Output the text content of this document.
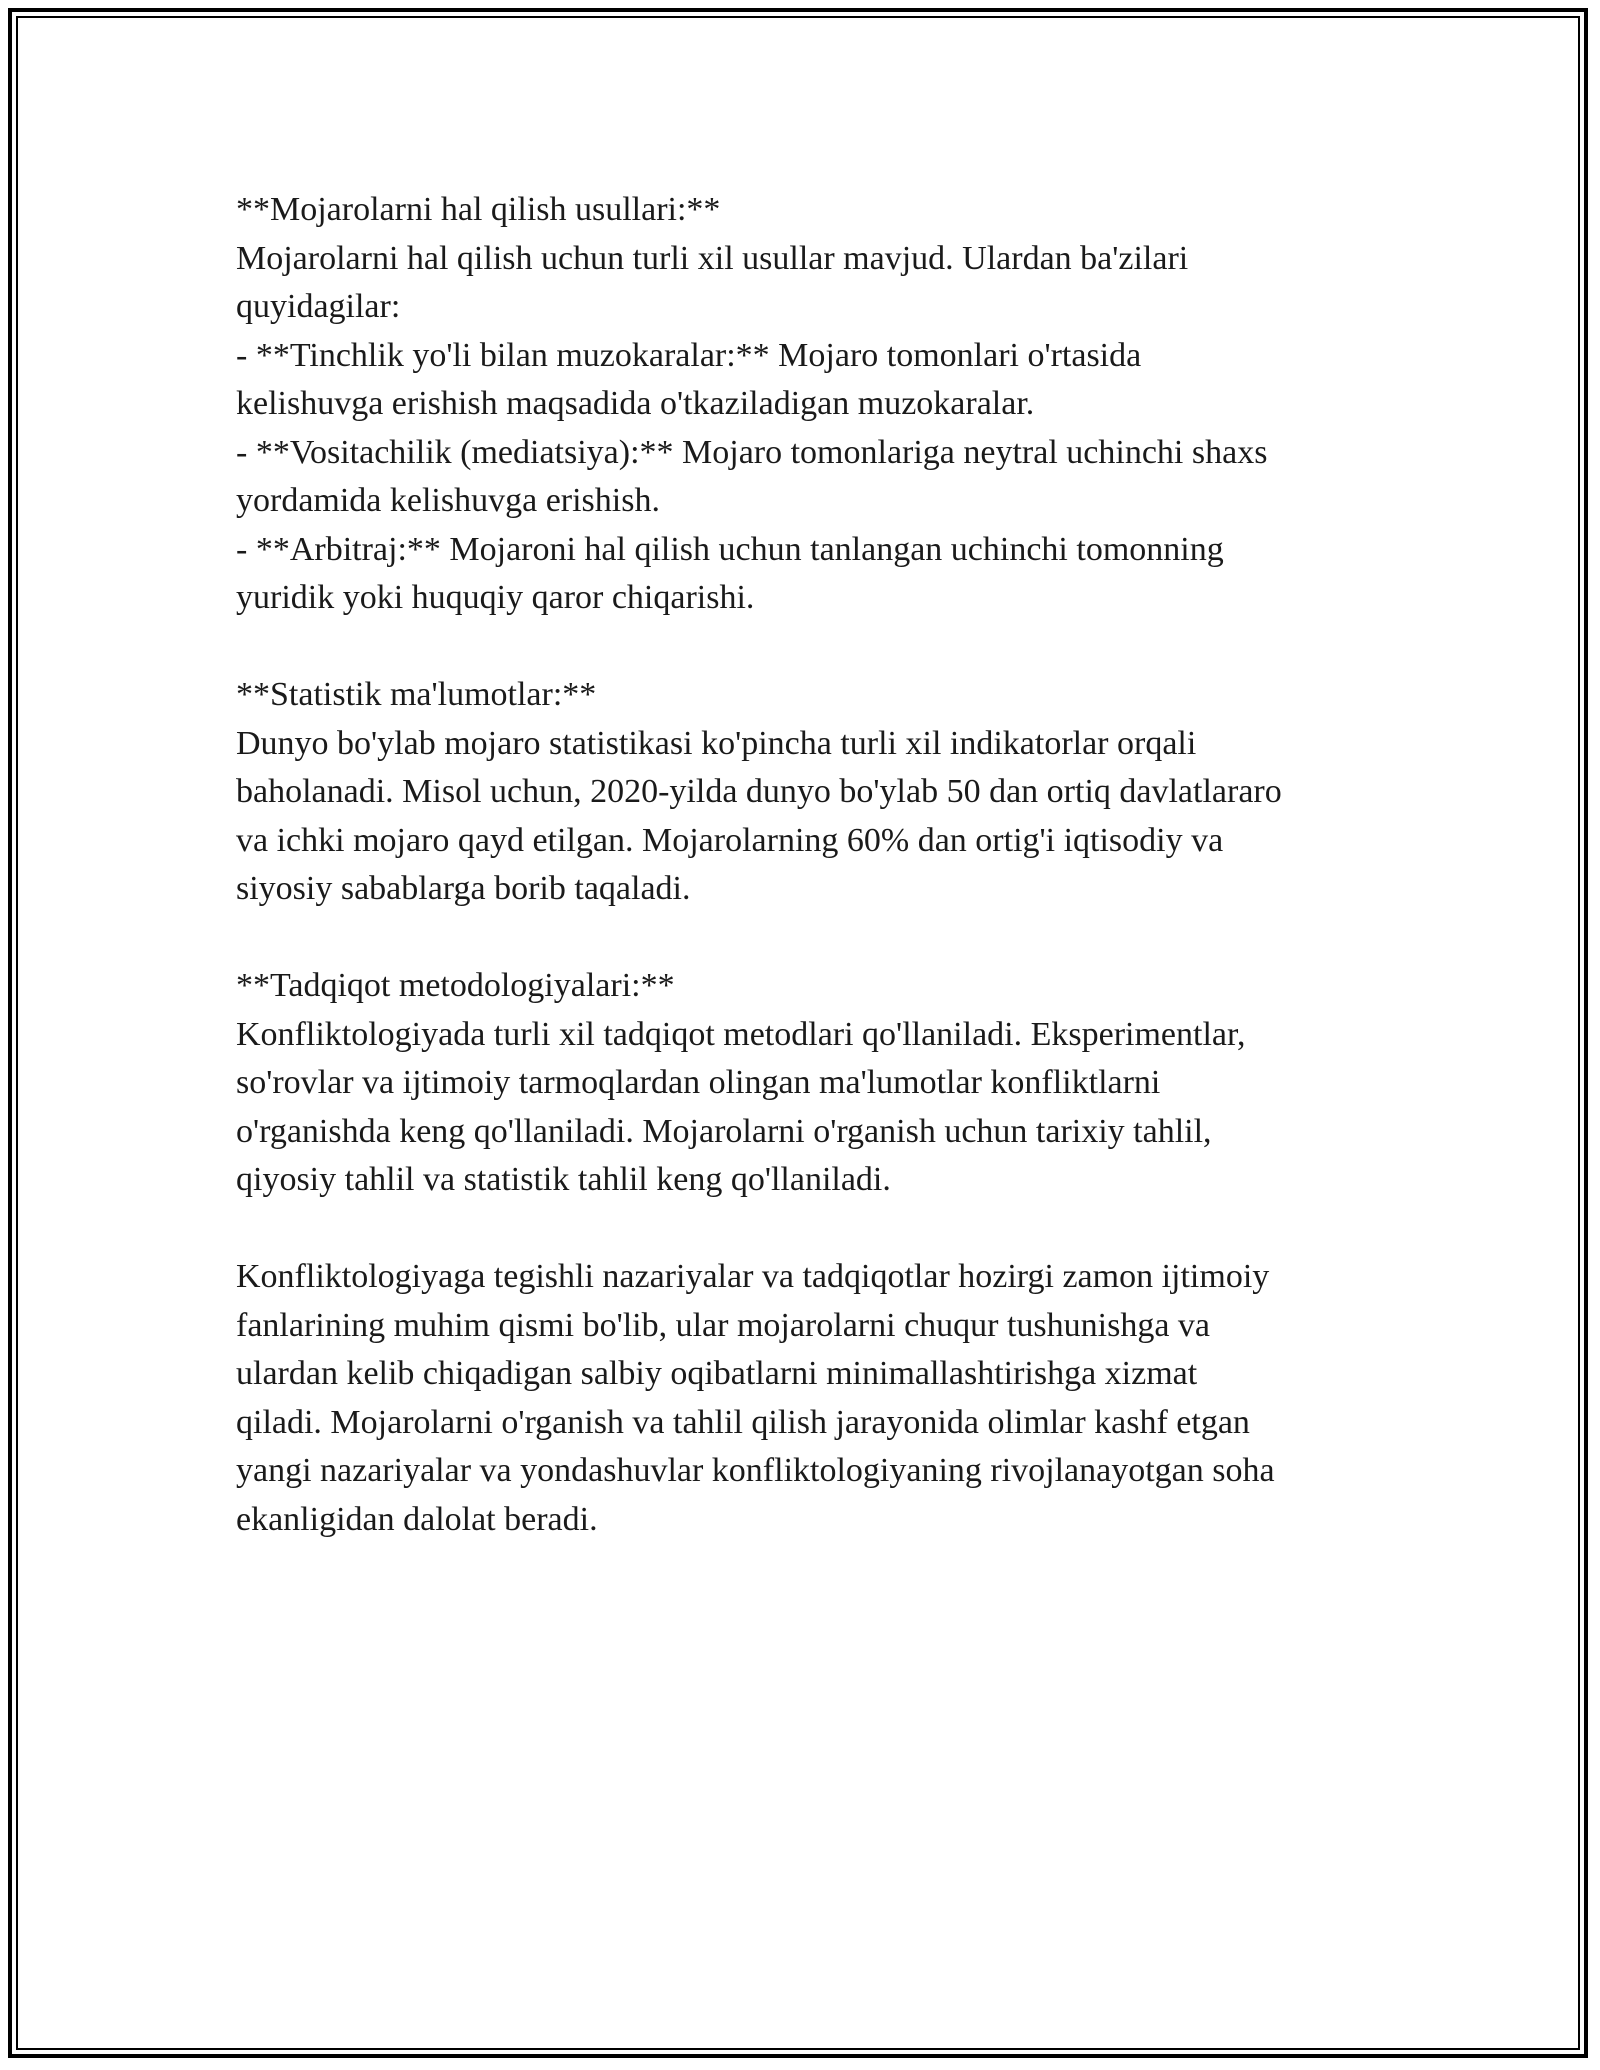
**Mojarolarni hal qilish usullari:**

Mojarolarni hal qilish uchun turli xil usullar mavjud. Ulardan ba'zilari

quyidagilar:

- **Tinchlik yo'li bilan muzokaralar:** Mojaro tomonlari o'rtasida

kelishuvga erishish maqsadida o'tkaziladigan muzokaralar.

- **Vositachilik (mediatsiya):** Mojaro tomonlariga neytral uchinchi shaxs

yordamida kelishuvga erishish.

- **Arbitraj:** Mojaroni hal qilish uchun tanlangan uchinchi tomonning

yuridik yoki huquqiy qaror chiqarishi.

**Statistik ma'lumotlar:**

Dunyo bo'ylab mojaro statistikasi ko'pincha turli xil indikatorlar orqali

baholanadi. Misol uchun, 2020-yilda dunyo bo'ylab 50 dan ortiq davlatlararo

va ichki mojaro qayd etilgan. Mojarolarning 60% dan ortig'i iqtisodiy va

siyosiy sabablarga borib taqaladi.

**Tadqiqot metodologiyalari:**

Konfliktologiyada turli xil tadqiqot metodlari qo'llaniladi. Eksperimentlar,

so'rovlar va ijtimoiy tarmoqlardan olingan ma'lumotlar konfliktlarni

o'rganishda keng qo'llaniladi. Mojarolarni o'rganish uchun tarixiy tahlil,

qiyosiy tahlil va statistik tahlil keng qo'llaniladi.

Konfliktologiyaga tegishli nazariyalar va tadqiqotlar hozirgi zamon ijtimoiy

fanlarining muhim qismi bo'lib, ular mojarolarni chuqur tushunishga va

ulardan kelib chiqadigan salbiy oqibatlarni minimallashtirishga xizmat

qiladi. Mojarolarni o'rganish va tahlil qilish jarayonida olimlar kashf etgan

yangi nazariyalar va yondashuvlar konfliktologiyaning rivojlanayotgan soha

ekanligidan dalolat beradi.
